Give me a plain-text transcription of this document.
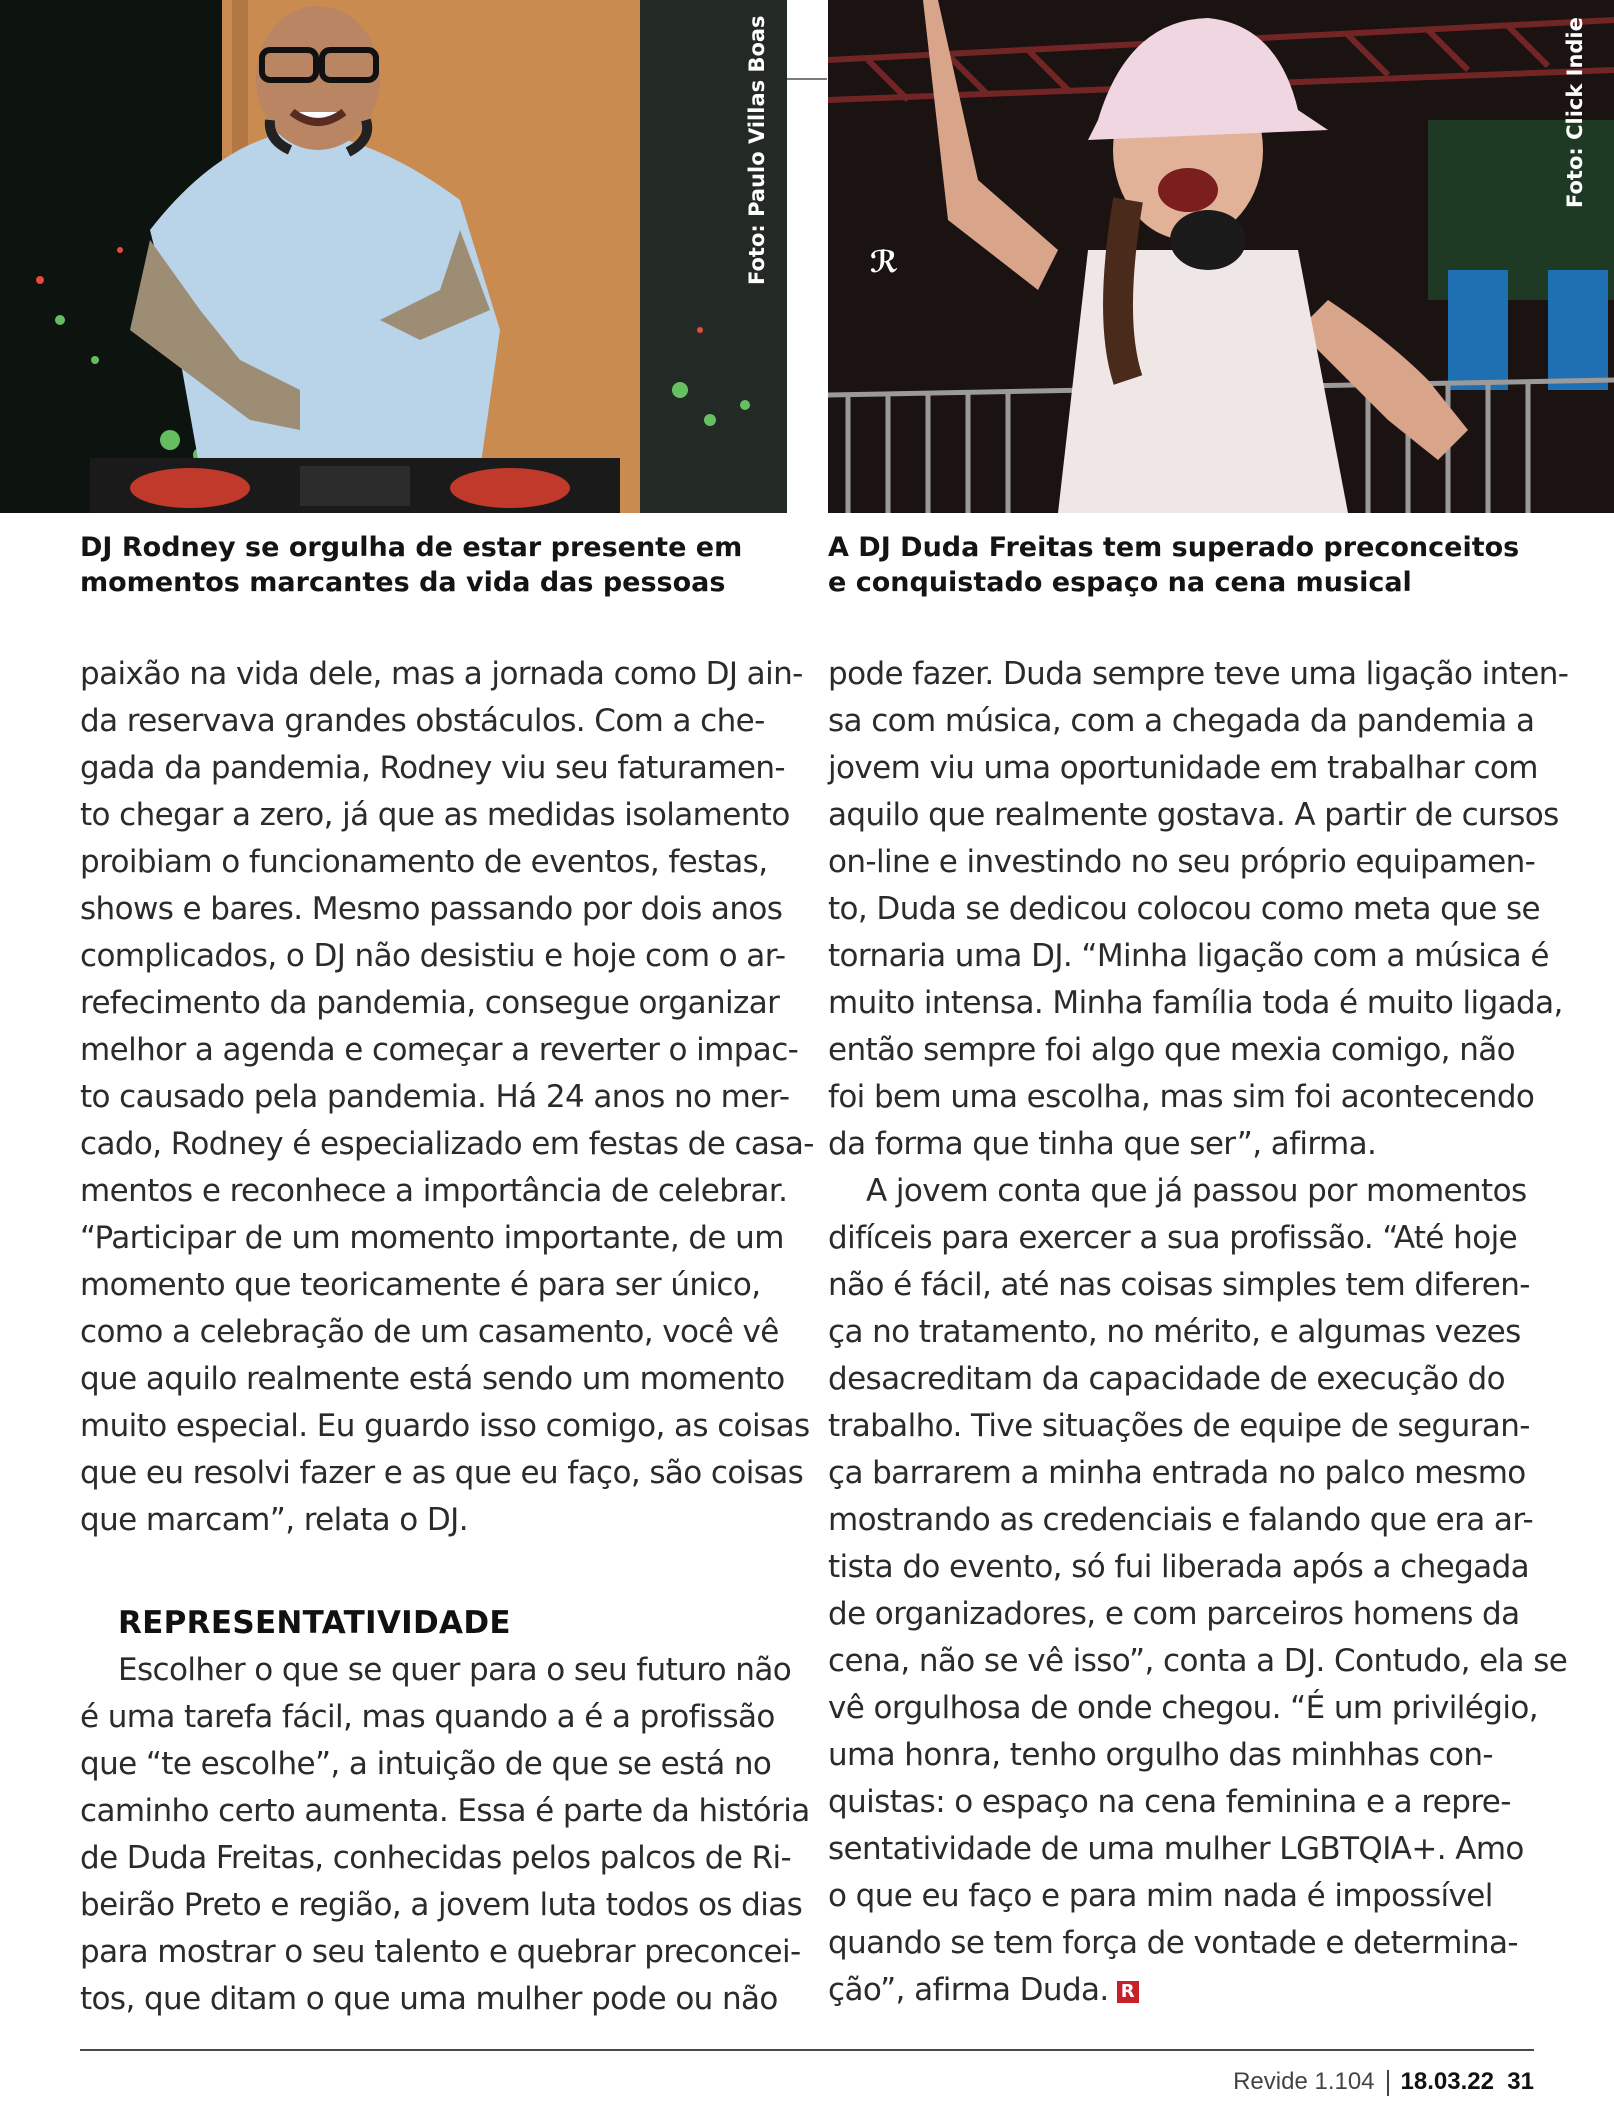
Foto: Paulo Villas Boas	ℛ
Foto: Click Indie
DJ Rodney se orgulha de estar presente em
momentos marcantes da vida das pessoas
A DJ Duda Freitas tem superado preconceitos
e conquistado espaço na cena musical

paixão na vida dele, mas a jornada como DJ ain-

da reservava grandes obstáculos. Com a che-

gada da pandemia, Rodney viu seu faturamen-

to chegar a zero, já que as medidas isolamento

proibiam o funcionamento de eventos, festas,

shows e bares. Mesmo passando por dois anos

complicados, o DJ não desistiu e hoje com o ar-

refecimento da pandemia, consegue organizar

melhor a agenda e começar a reverter o impac-

to causado pela pandemia. Há 24 anos no mer-

cado, Rodney é especializado em festas de casa-

mentos e reconhece a importância de celebrar.

“Participar de um momento importante, de um

momento que teoricamente é para ser único,

como a celebração de um casamento, você vê

que aquilo realmente está sendo um momento

muito especial. Eu guardo isso comigo, as coisas

que eu resolvi fazer e as que eu faço, são coisas

que marcam”, relata o DJ.

REPRESENTATIVIDADE

Escolher o que se quer para o seu futuro não

é uma tarefa fácil, mas quando a é a profissão

que “te escolhe”, a intuição de que se está no

caminho certo aumenta. Essa é parte da história

de Duda Freitas, conhecidas pelos palcos de Ri-

beirão Preto e região, a jovem luta todos os dias

para mostrar o seu talento e quebrar preconcei-

tos, que ditam o que uma mulher pode ou não

pode fazer. Duda sempre teve uma ligação inten-

sa com música, com a chegada da pandemia a

jovem viu uma oportunidade em trabalhar com

aquilo que realmente gostava. A partir de cursos

on-line e investindo no seu próprio equipamen-

to, Duda se dedicou colocou como meta que se

tornaria uma DJ. “Minha ligação com a música é

muito intensa. Minha família toda é muito ligada,

então sempre foi algo que mexia comigo, não

foi bem uma escolha, mas sim foi acontecendo

da forma que tinha que ser”, afirma.

A jovem conta que já passou por momentos

difíceis para exercer a sua profissão. “Até hoje

não é fácil, até nas coisas simples tem diferen-

ça no tratamento, no mérito, e algumas vezes

desacreditam da capacidade de execução do

trabalho. Tive situações de equipe de seguran-

ça barrarem a minha entrada no palco mesmo

mostrando as credenciais e falando que era ar-

tista do evento, só fui liberada após a chegada

de organizadores, e com parceiros homens da

cena, não se vê isso”, conta a DJ. Contudo, ela se

vê orgulhosa de onde chegou. “É um privilégio,

uma honra, tenho orgulho das minhhas con-

quistas: o espaço na cena feminina e a repre-

sentatividade de uma mulher LGBTQIA+. Amo

o que eu faço e para mim nada é impossível

quando se tem força de vontade e determina-

ção”, afirma Duda. R

Revide 1.104 18.03.22 31
